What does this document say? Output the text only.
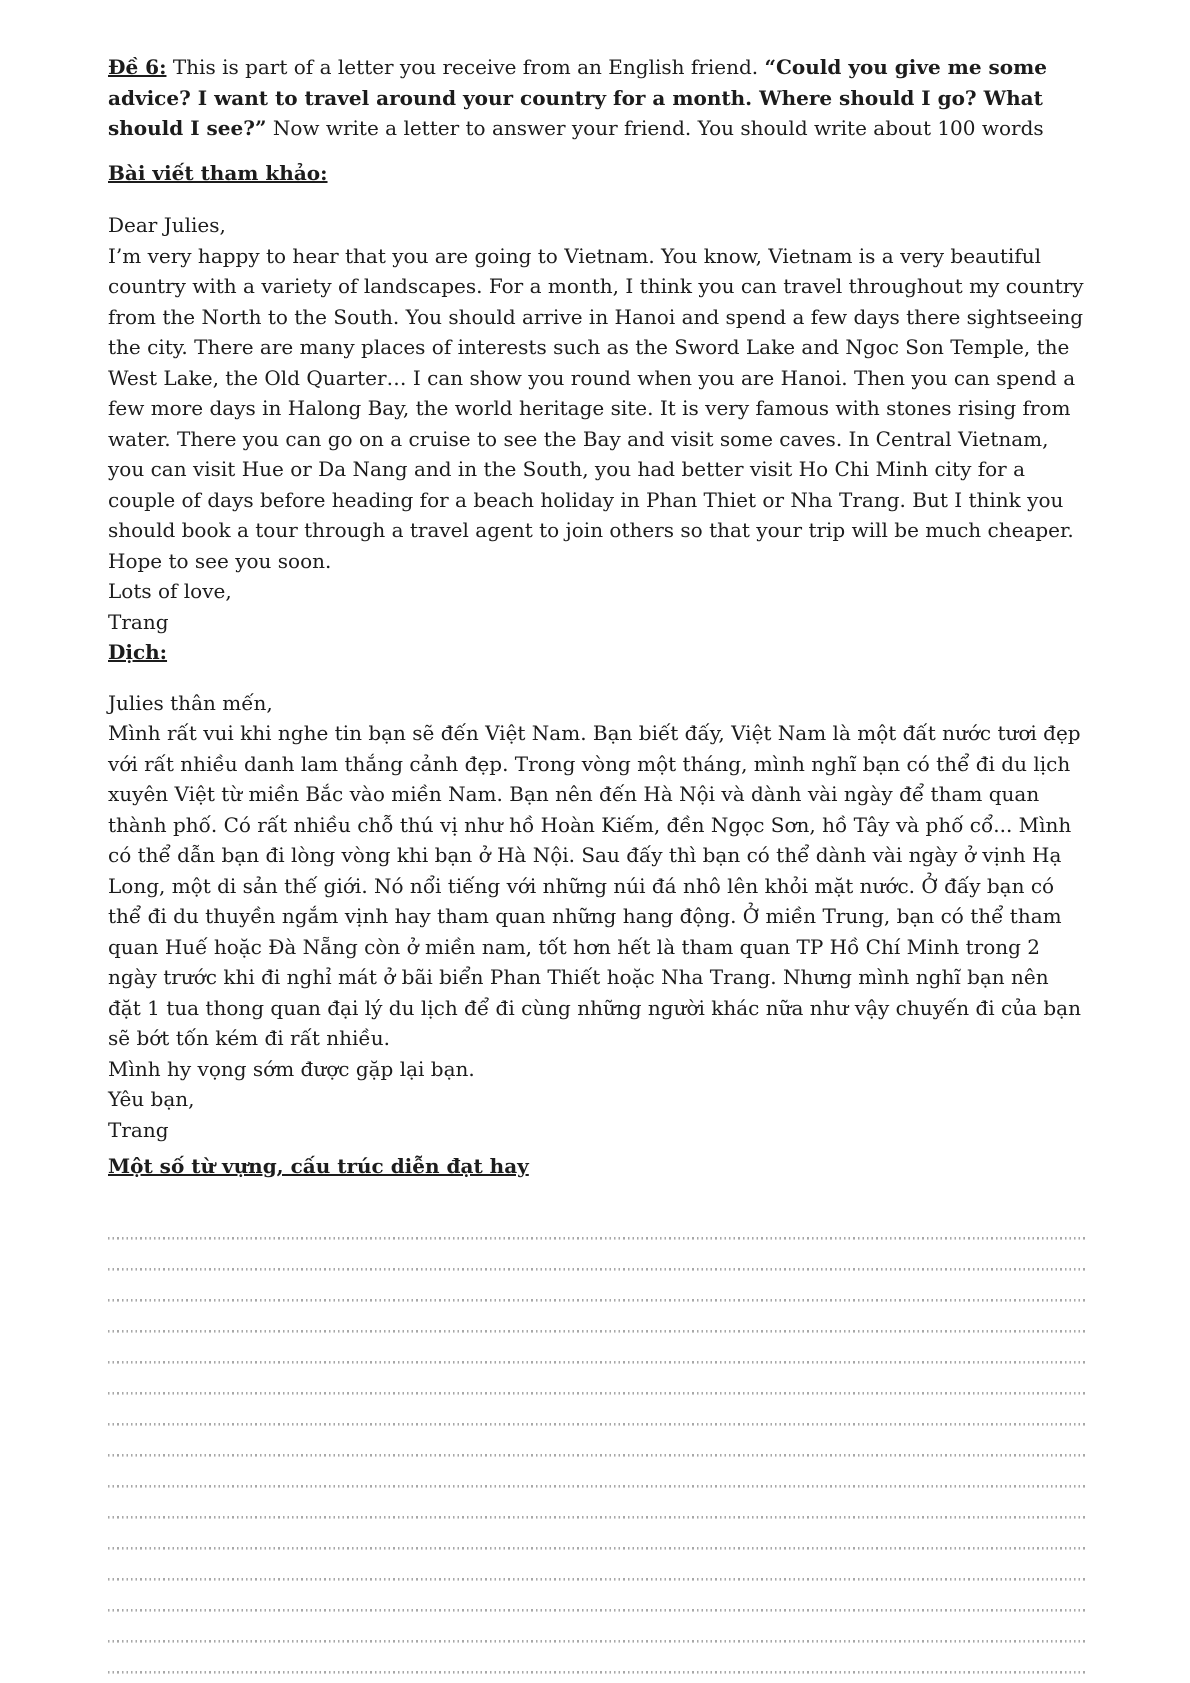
Đề 6: This is part of a letter you receive from an English friend. “Could you give me some advice? I want to travel around your country for a month. Where should I go? What should I see?” Now write a letter to answer your friend. You should write about 100 words

Bài viết tham khảo:

Dear Julies,

I’m very happy to hear that you are going to Vietnam. You know, Vietnam is a very beautiful country with a variety of landscapes. For a month, I think you can travel throughout my country from the North to the South. You should arrive in Hanoi and spend a few days there sightseeing the city. There are many places of interests such as the Sword Lake and Ngoc Son Temple, the West Lake, the Old Quarter… I can show you round when you are Hanoi. Then you can spend a few more days in Halong Bay, the world heritage site. It is very famous with stones rising from water. There you can go on a cruise to see the Bay and visit some caves. In Central Vietnam, you can visit Hue or Da Nang and in the South, you had better visit Ho Chi Minh city for a couple of days before heading for a beach holiday in Phan Thiet or Nha Trang. But I think you should book a tour through a travel agent to join others so that your trip will be much cheaper.

Hope to see you soon.

Lots of love,

Trang

Dịch:

Julies thân mến,

Mình rất vui khi nghe tin bạn sẽ đến Việt Nam. Bạn biết đấy, Việt Nam là một đất nước tươi đẹp với rất nhiều danh lam thắng cảnh đẹp. Trong vòng một tháng, mình nghĩ bạn có thể đi du lịch xuyên Việt từ miền Bắc vào miền Nam. Bạn nên đến Hà Nội và dành vài ngày để tham quan thành phố. Có rất nhiều chỗ thú vị như hồ Hoàn Kiếm, đền Ngọc Sơn, hồ Tây và phố cổ... Mình có thể dẫn bạn đi lòng vòng khi bạn ở Hà Nội. Sau đấy thì bạn có thể dành vài ngày ở vịnh Hạ Long, một di sản thế giới. Nó nổi tiếng với những núi đá nhô lên khỏi mặt nước. Ở đấy bạn có thể đi du thuyền ngắm vịnh hay tham quan những hang động. Ở miền Trung, bạn có thể tham quan Huế hoặc Đà Nẵng còn ở miền nam, tốt hơn hết là tham quan TP Hồ Chí Minh trong 2 ngày trước khi đi nghỉ mát ở bãi biển Phan Thiết hoặc Nha Trang. Nhưng mình nghĩ bạn nên đặt 1 tua thong quan đại lý du lịch để đi cùng những người khác nữa như vậy chuyến đi của bạn sẽ bớt tốn kém đi rất nhiều.

Mình hy vọng sớm được gặp lại bạn.

Yêu bạn,

Trang

Một số từ vựng, cấu trúc diễn đạt hay
